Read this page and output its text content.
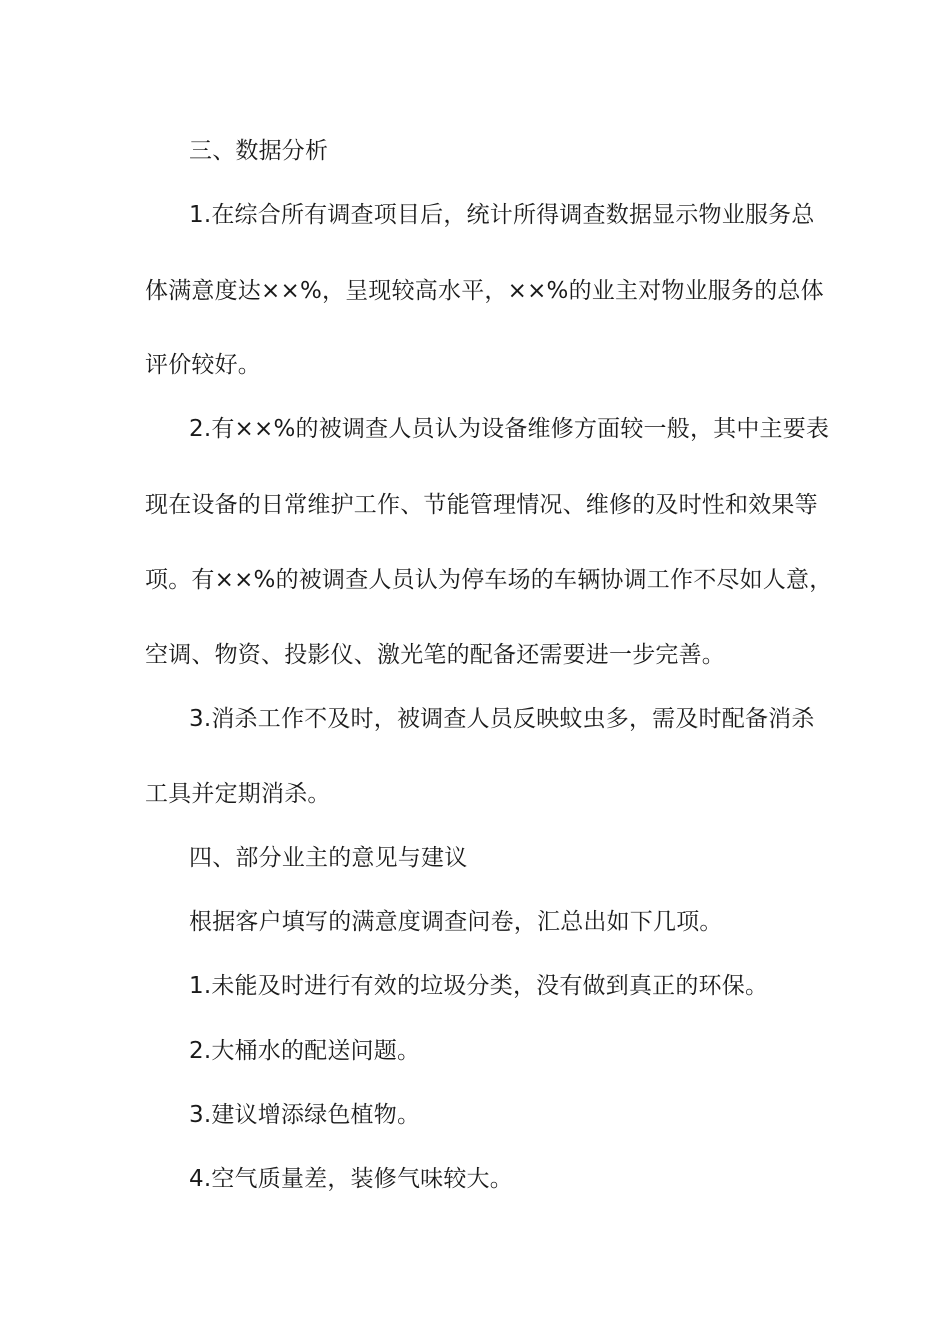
三、数据分析

1.在综合所有调查项目后，统计所得调查数据显示物业服务总

体满意度达××%，呈现较高水平，××%的业主对物业服务的总体

评价较好。

2.有××%的被调查人员认为设备维修方面较一般，其中主要表

现在设备的日常维护工作、节能管理情况、维修的及时性和效果等

项。有××%的被调查人员认为停车场的车辆协调工作不尽如人意，

空调、物资、投影仪、激光笔的配备还需要进一步完善。

3.消杀工作不及时，被调查人员反映蚊虫多，需及时配备消杀

工具并定期消杀。

四、部分业主的意见与建议

根据客户填写的满意度调查问卷，汇总出如下几项。

1.未能及时进行有效的垃圾分类，没有做到真正的环保。

2.大桶水的配送问题。

3.建议增添绿色植物。

4.空气质量差，装修气味较大。
